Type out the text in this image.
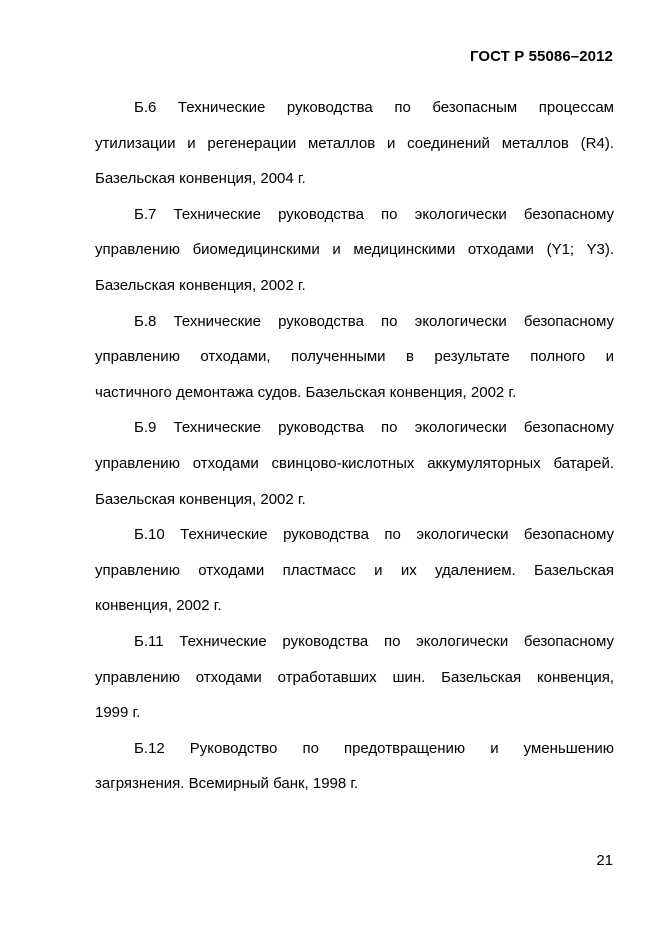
ГОСТ Р 55086–2012

Б.6 Технические руководства по безопасным процессам
утилизации и регенерации металлов и соединений металлов (R4).
Базельская конвенция, 2004 г.

Б.7 Технические руководства по экологически безопасному
управлению биомедицинскими и медицинскими отходами (Y1; Y3).
Базельская конвенция, 2002 г.

Б.8 Технические руководства по экологически безопасному
управлению отходами, полученными в результате полного и
частичного демонтажа судов. Базельская конвенция, 2002 г.

Б.9 Технические руководства по экологически безопасному
управлению отходами свинцово-кислотных аккумуляторных батарей.
Базельская конвенция, 2002 г.

Б.10 Технические руководства по экологически безопасному
управлению отходами пластмасс и их удалением. Базельская
конвенция, 2002 г.

Б.11 Технические руководства по экологически безопасному
управлению отходами отработавших шин. Базельская конвенция,
1999 г.

Б.12 Руководство по предотвращению и уменьшению
загрязнения. Всемирный банк, 1998 г.

21
